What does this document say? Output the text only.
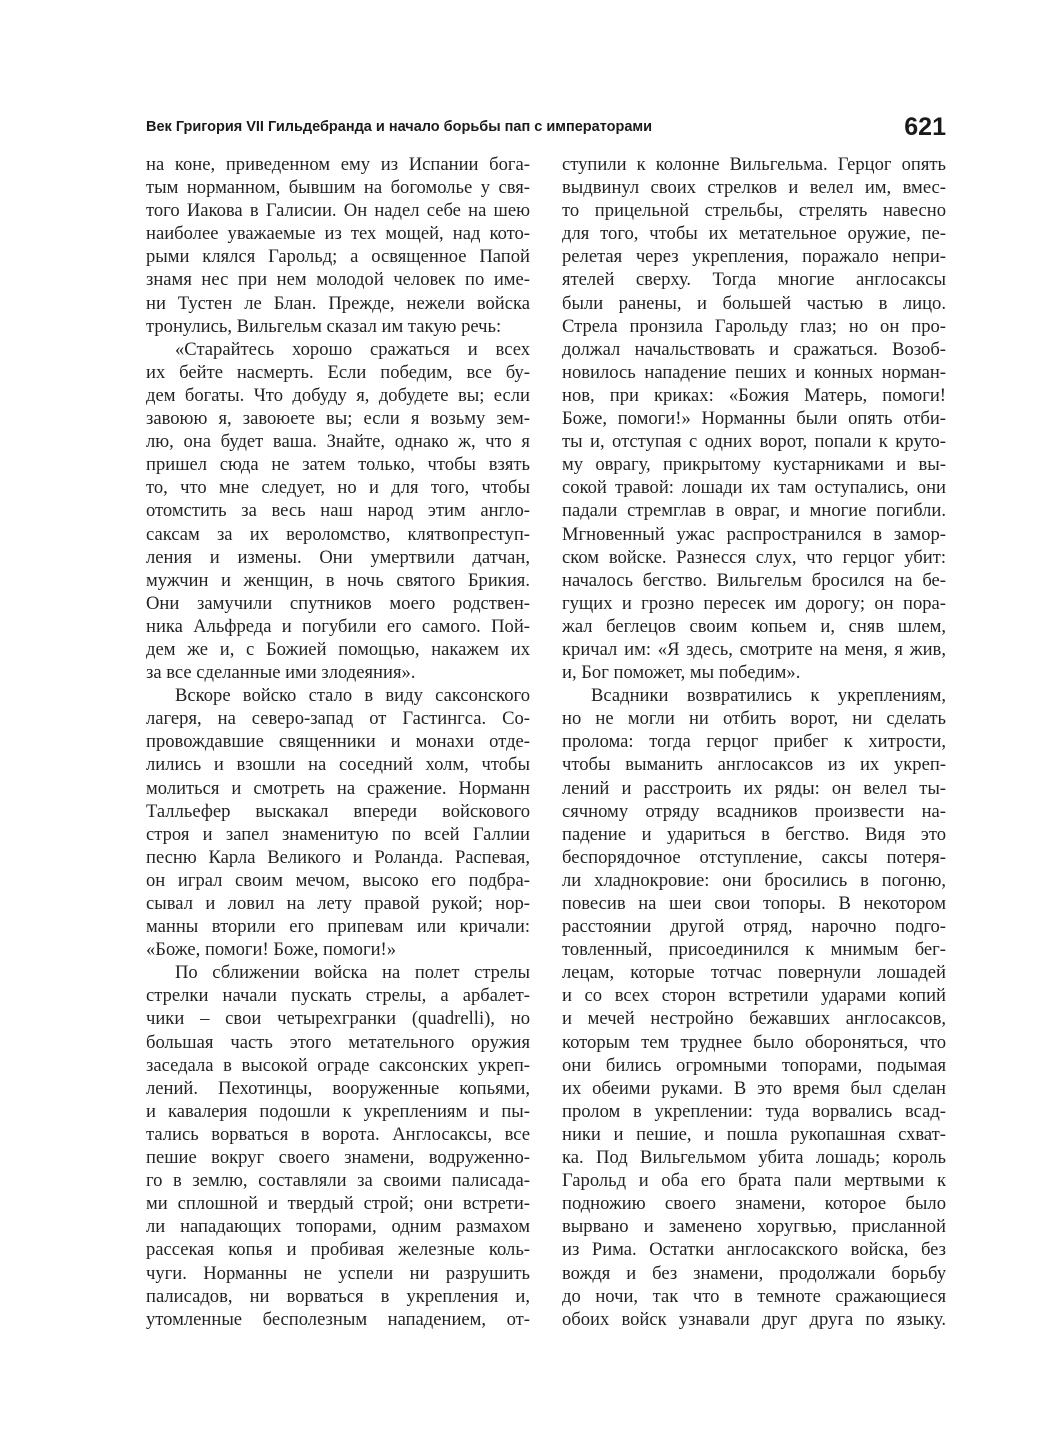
Век Григория VII Гильдебранда и начало борьбы пап с императорами	621
на коне, приведенном ему из Испании бога-
тым норманном, бывшим на богомолье у свя-
того Иакова в Галисии. Он надел себе на шею
наиболее уважаемые из тех мощей, над кото-
рыми клялся Гарольд; а освященное Папой
знамя нес при нем молодой человек по име-
ни Тустен ле Блан. Прежде, нежели войска
тронулись, Вильгельм сказал им такую речь:
«Старайтесь хорошо сражаться и всех
их бейте насмерть. Если победим, все бу-
дем богаты. Что добуду я, добудете вы; если
завоюю я, завоюете вы; если я возьму зем-
лю, она будет ваша. Знайте, однако ж, что я
пришел сюда не затем только, чтобы взять
то, что мне следует, но и для того, чтобы
отомстить за весь наш народ этим англо-
саксам за их вероломство, клятвопреступ-
ления и измены. Они умертвили датчан,
мужчин и женщин, в ночь святого Брикия.
Они замучили спутников моего родствен-
ника Альфреда и погубили его самого. Пой-
дем же и, с Божией помощью, накажем их
за все сделанные ими злодеяния».
Вскоре войско стало в виду саксонского
лагеря, на северо-запад от Гастингса. Со-
провождавшие священники и монахи отде-
лились и взошли на соседний холм, чтобы
молиться и смотреть на сражение. Норманн
Талльефер выскакал впереди войскового
строя и запел знаменитую по всей Галлии
песню Карла Великого и Роланда. Распевая,
он играл своим мечом, высоко его подбра-
сывал и ловил на лету правой рукой; нор-
манны вторили его припевам или кричали:
«Боже, помоги! Боже, помоги!»
По сближении войска на полет стрелы
стрелки начали пускать стрелы, а арбалет-
чики – свои четырехгранки (quadrelli), но
большая часть этого метательного оружия
заседала в высокой ограде саксонских укреп-
лений. Пехотинцы, вооруженные копьями,
и кавалерия подошли к укреплениям и пы-
тались ворваться в ворота. Англосаксы, все
пешие вокруг своего знамени, водруженно-
го в землю, составляли за своими палисада-
ми сплошной и твердый строй; они встрети-
ли нападающих топорами, одним размахом
рассекая копья и пробивая железные коль-
чуги. Норманны не успели ни разрушить
палисадов, ни ворваться в укрепления и,
утомленные бесполезным нападением, от-
ступили к колонне Вильгельма. Герцог опять
выдвинул своих стрелков и велел им, вмес-
то прицельной стрельбы, стрелять навесно
для того, чтобы их метательное оружие, пе-
релетая через укрепления, поражало непри-
ятелей сверху. Тогда многие англосаксы
были ранены, и большей частью в лицо.
Стрела пронзила Гарольду глаз; но он про-
должал начальствовать и сражаться. Возоб-
новилось нападение пеших и конных норман-
нов, при криках: «Божия Матерь, помоги!
Боже, помоги!» Норманны были опять отби-
ты и, отступая с одних ворот, попали к круто-
му оврагу, прикрытому кустарниками и вы-
сокой травой: лошади их там оступались, они
падали стремглав в овраг, и многие погибли.
Мгновенный ужас распространился в замор-
ском войске. Разнесся слух, что герцог убит:
началось бегство. Вильгельм бросился на бе-
гущих и грозно пересек им дорогу; он пора-
жал беглецов своим копьем и, сняв шлем,
кричал им: «Я здесь, смотрите на меня, я жив,
и, Бог поможет, мы победим».
Всадники возвратились к укреплениям,
но не могли ни отбить ворот, ни сделать
пролома: тогда герцог прибег к хитрости,
чтобы выманить англосаксов из их укреп-
лений и расстроить их ряды: он велел ты-
сячному отряду всадников произвести на-
падение и удариться в бегство. Видя это
беспорядочное отступление, саксы потеря-
ли хладнокровие: они бросились в погоню,
повесив на шеи свои топоры. В некотором
расстоянии другой отряд, нарочно подго-
товленный, присоединился к мнимым бег-
лецам, которые тотчас повернули лошадей
и со всех сторон встретили ударами копий
и мечей нестройно бежавших англосаксов,
которым тем труднее было обороняться, что
они бились огромными топорами, подымая
их обеими руками. В это время был сделан
пролом в укреплении: туда ворвались всад-
ники и пешие, и пошла рукопашная схват-
ка. Под Вильгельмом убита лошадь; король
Гарольд и оба его брата пали мертвыми к
подножию своего знамени, которое было
вырвано и заменено хоругвью, присланной
из Рима. Остатки англосакского войска, без
вождя и без знамени, продолжали борьбу
до ночи, так что в темноте сражающиеся
обоих войск узнавали друг друга по языку.
